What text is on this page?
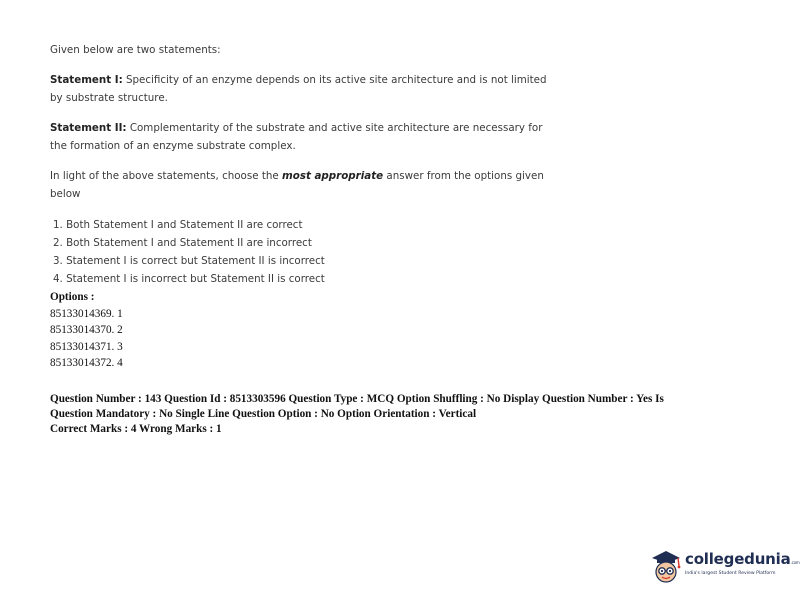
Given below are two statements:
Statement I: Specificity of an enzyme depends on its active site architecture and is not limited
by substrate structure.
Statement II: Complementarity of the substrate and active site architecture are necessary for
the formation of an enzyme substrate complex.
In light of the above statements, choose the most appropriate answer from the options given
below
1. Both Statement I and Statement II are correct
2. Both Statement I and Statement II are incorrect
3. Statement I is correct but Statement II is incorrect
4. Statement I is incorrect but Statement II is correct
Options :
85133014369. 1
85133014370. 2
85133014371. 3
85133014372. 4
Question Number : 143 Question Id : 8513303596 Question Type : MCQ Option Shuffling : No Display Question Number : Yes Is
Question Mandatory : No Single Line Question Option : No Option Orientation : Vertical
Correct Marks : 4 Wrong Marks : 1
collegedunia.com
India's largest Student Review Platform
